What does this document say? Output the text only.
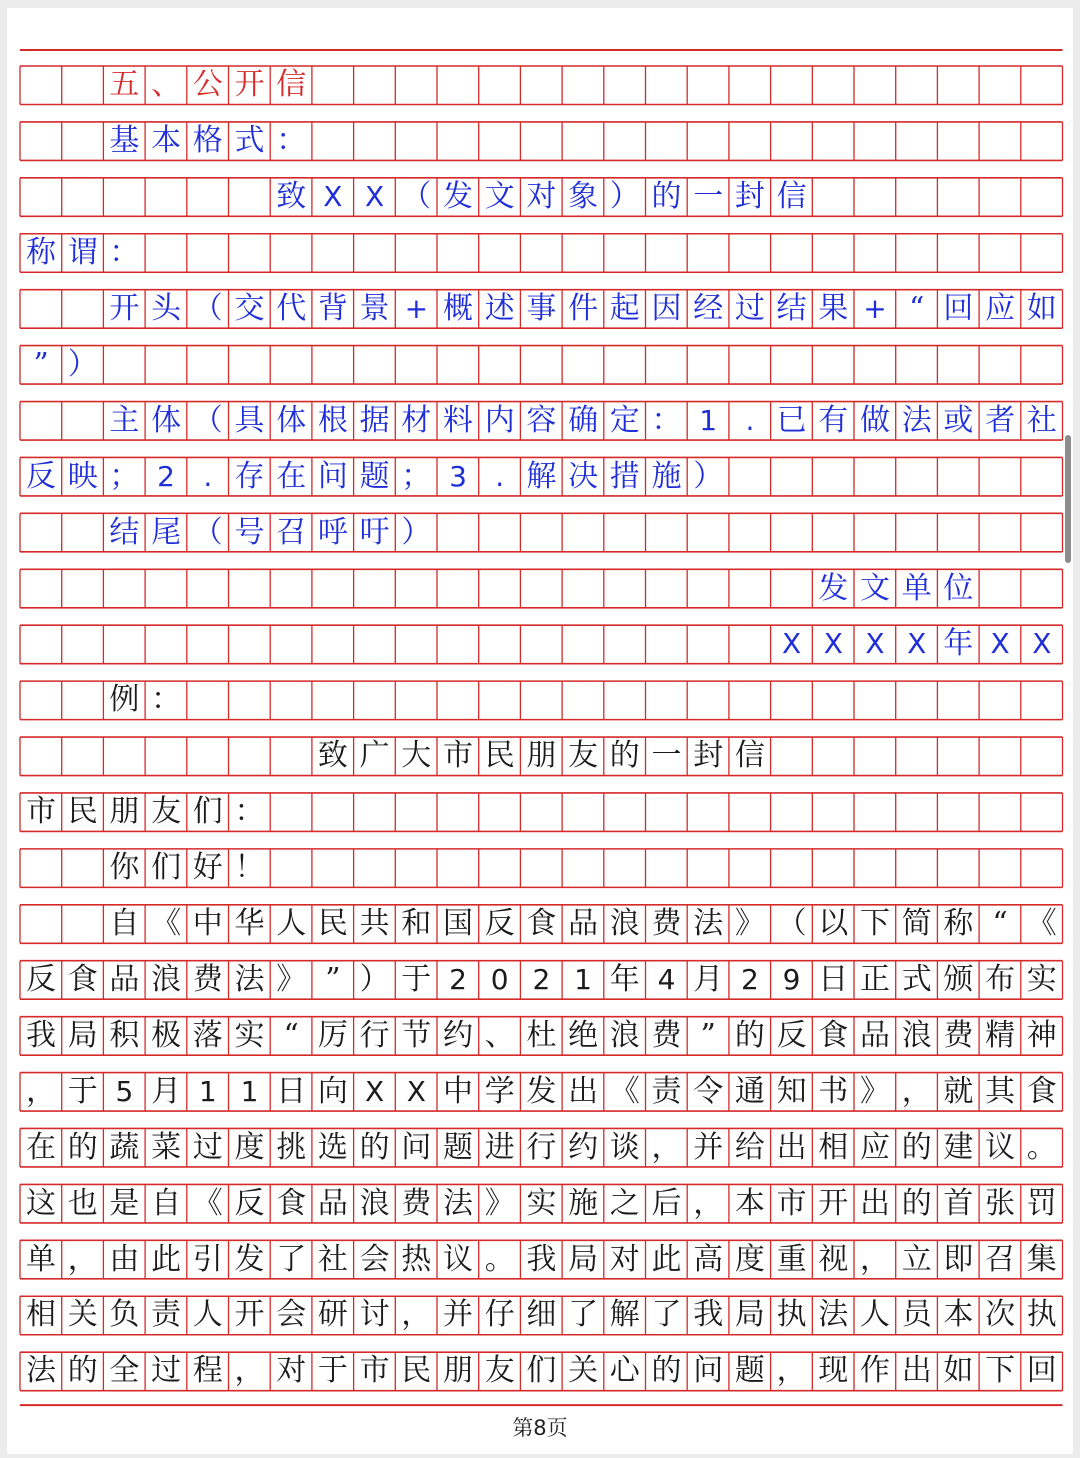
五 、 公 开 信
基 本 格 式 ：
致 X X （ 发 文 对 象 ） 的 一 封 信
称 谓 ：
开 头 （ 交 代 背 景 + 概 述 事 件 起 因 经 过 结 果 + “ 回 应 如
” ）
主 体 （ 具 体 根 据 材 料 内 容 确 定 ： 1	. 已 有 做 法 或 者 社
反 映 ； 2	. 存 在 问 题 ； 3	. 解 决 措 施 ）
结 尾 （ 号 召 呼 吁 ）
发 文 单 位
X X X X 年 X X
例 ：
致 广 大 市 民 朋 友 的 一 封 信
市 民 朋 友 们 ：
你 们 好 ！
自 《 中 华 人 民 共 和 国 反 食 品 浪 费 法 》 （ 以 下 简 称 “ 《
反 食 品 浪 费 法 》 ” ） 于 2 0 2 1 年 4 月 2 9 日 正 式 颁 布 实
我 局 积 极 落 实 “ 厉 行 节 约 、 杜 绝 浪 费 ” 的 反 食 品 浪 费 精 神
， 于 5 月 1 1 日 向 X X 中 学 发 出 《 责 令 通 知 书 》 ， 就 其 食
在 的 蔬 菜 过 度 挑 选 的 问 题 进 行 约 谈 ， 并 给 出 相 应 的 建 议 。
这 也 是 自 《 反 食 品 浪 费 法 》 实 施 之 后 ， 本 市 开 出 的 首 张 罚
单 ， 由 此 引 发 了 社 会 热 议 。 我 局 对 此 高 度 重 视 ， 立 即 召 集
相 关 负 责 人 开 会 研 讨 ， 并 仔 细 了 解 了 我 局 执 法 人 员 本 次 执
法 的 全 过 程 ， 对 于 市 民 朋 友 们 关 心 的 问 题 ， 现 作 出 如 下 回
第8页
